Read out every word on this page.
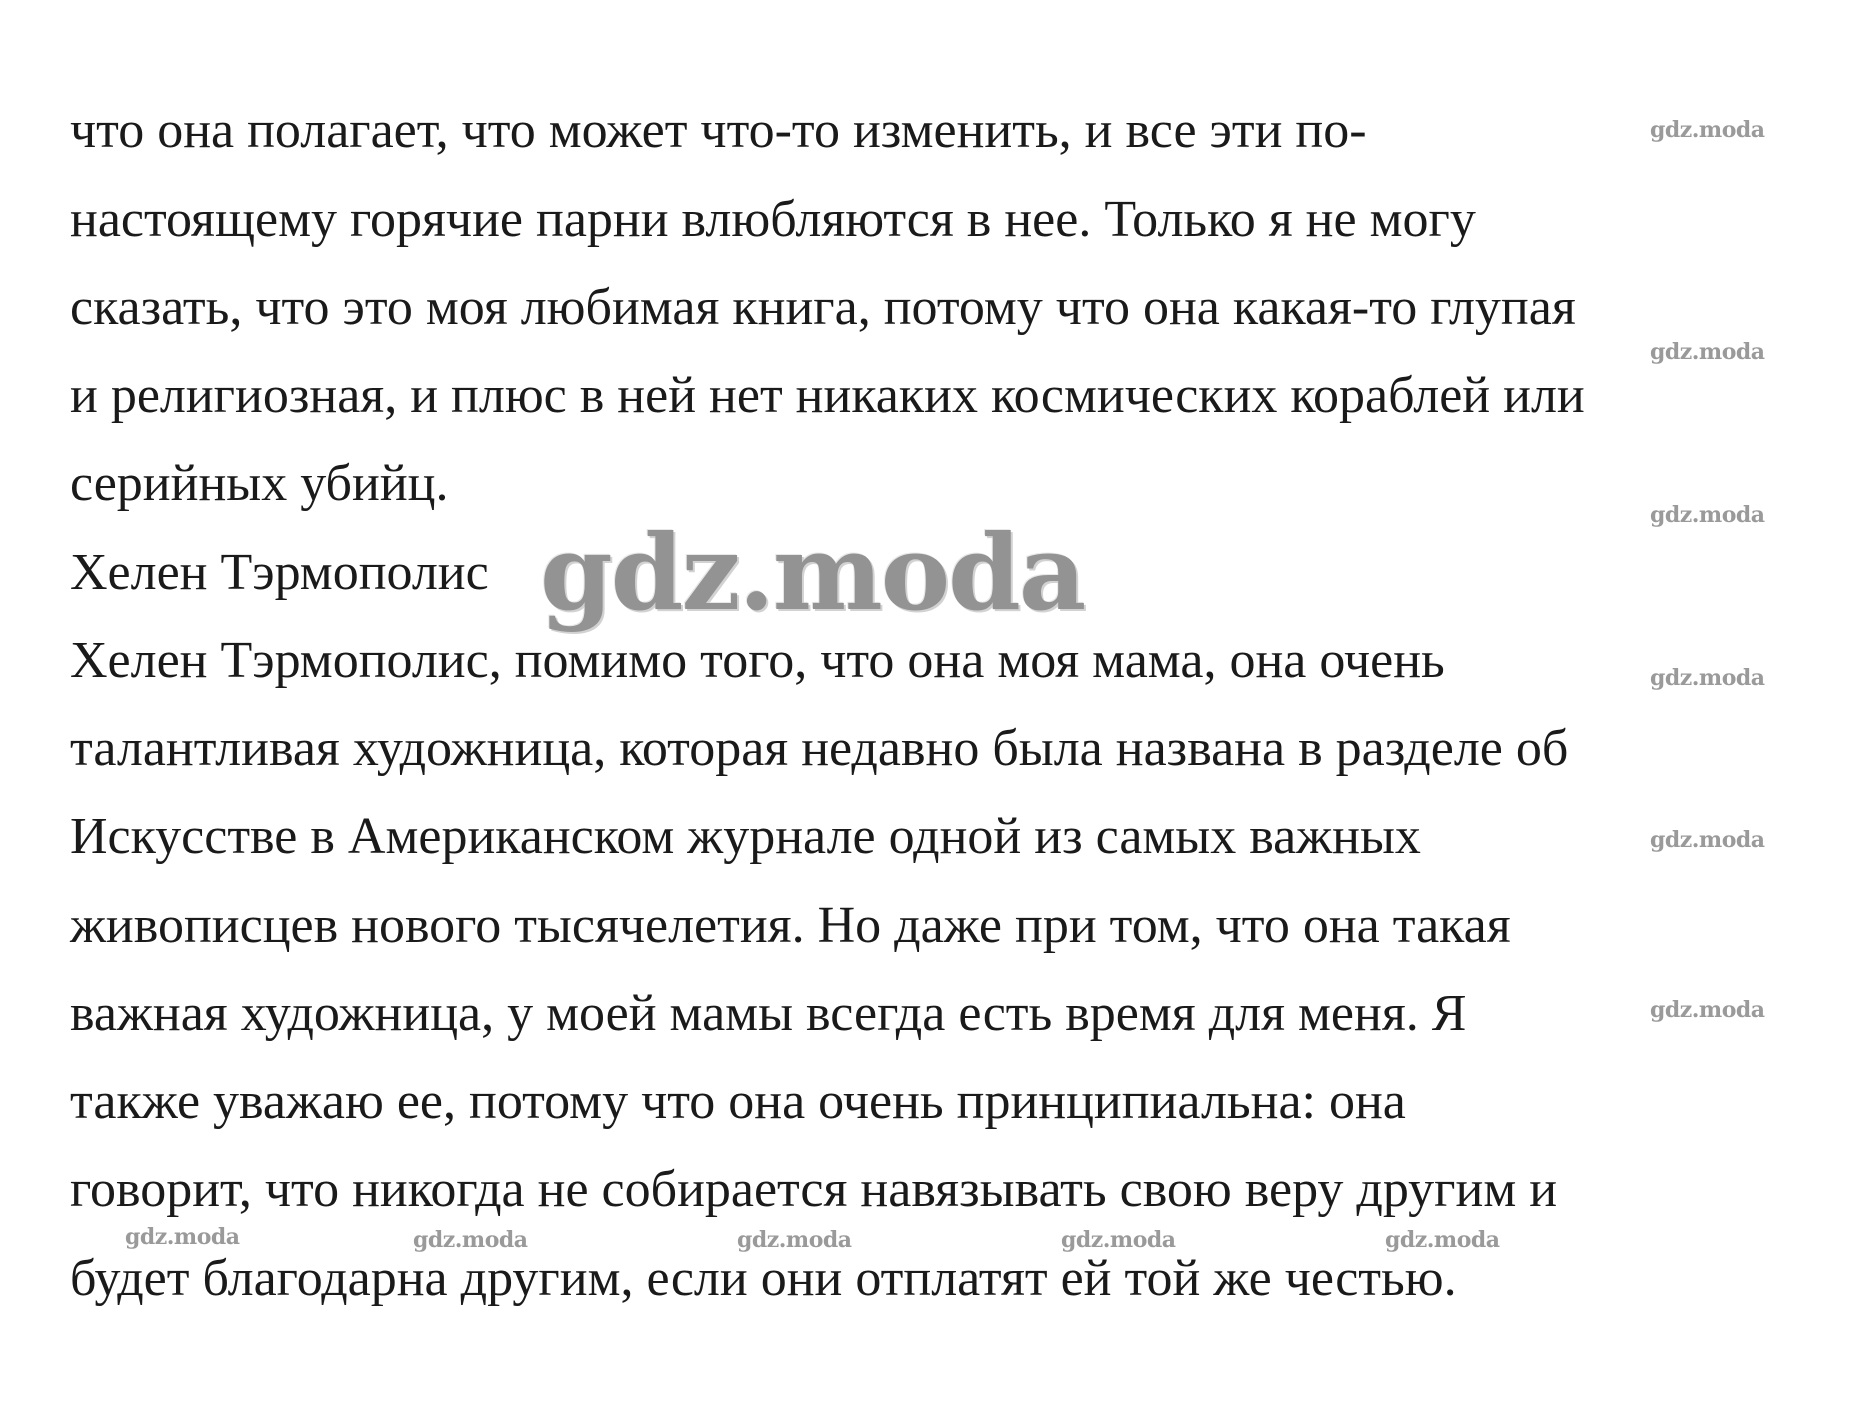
что она полагает, что может что-то изменить, и все эти по-
настоящему горячие парни влюбляются в нее. Только я не могу
сказать, что это моя любимая книга, потому что она какая-то глупая
и религиозная, и плюс в ней нет никаких космических кораблей или
серийных убийц.
Хелен Тэрмополис
Хелен Тэрмополис, помимо того, что она моя мама, она очень
талантливая художница, которая недавно была названа в разделе об
Искусстве в Американском журнале одной из самых важных
живописцев нового тысячелетия. Но даже при том, что она такая
важная художница, у моей мамы всегда есть время для меня. Я
также уважаю ее, потому что она очень принципиальна: она
говорит, что никогда не собирается навязывать свою веру другим и
будет благодарна другим, если они отплатят ей той же честью.
gdz.moda
gdz.moda
gdz.moda
gdz.moda
gdz.moda
gdz.moda
gdz.moda
gdz.moda	gdz.moda	gdz.moda	gdz.moda	gdz.moda
